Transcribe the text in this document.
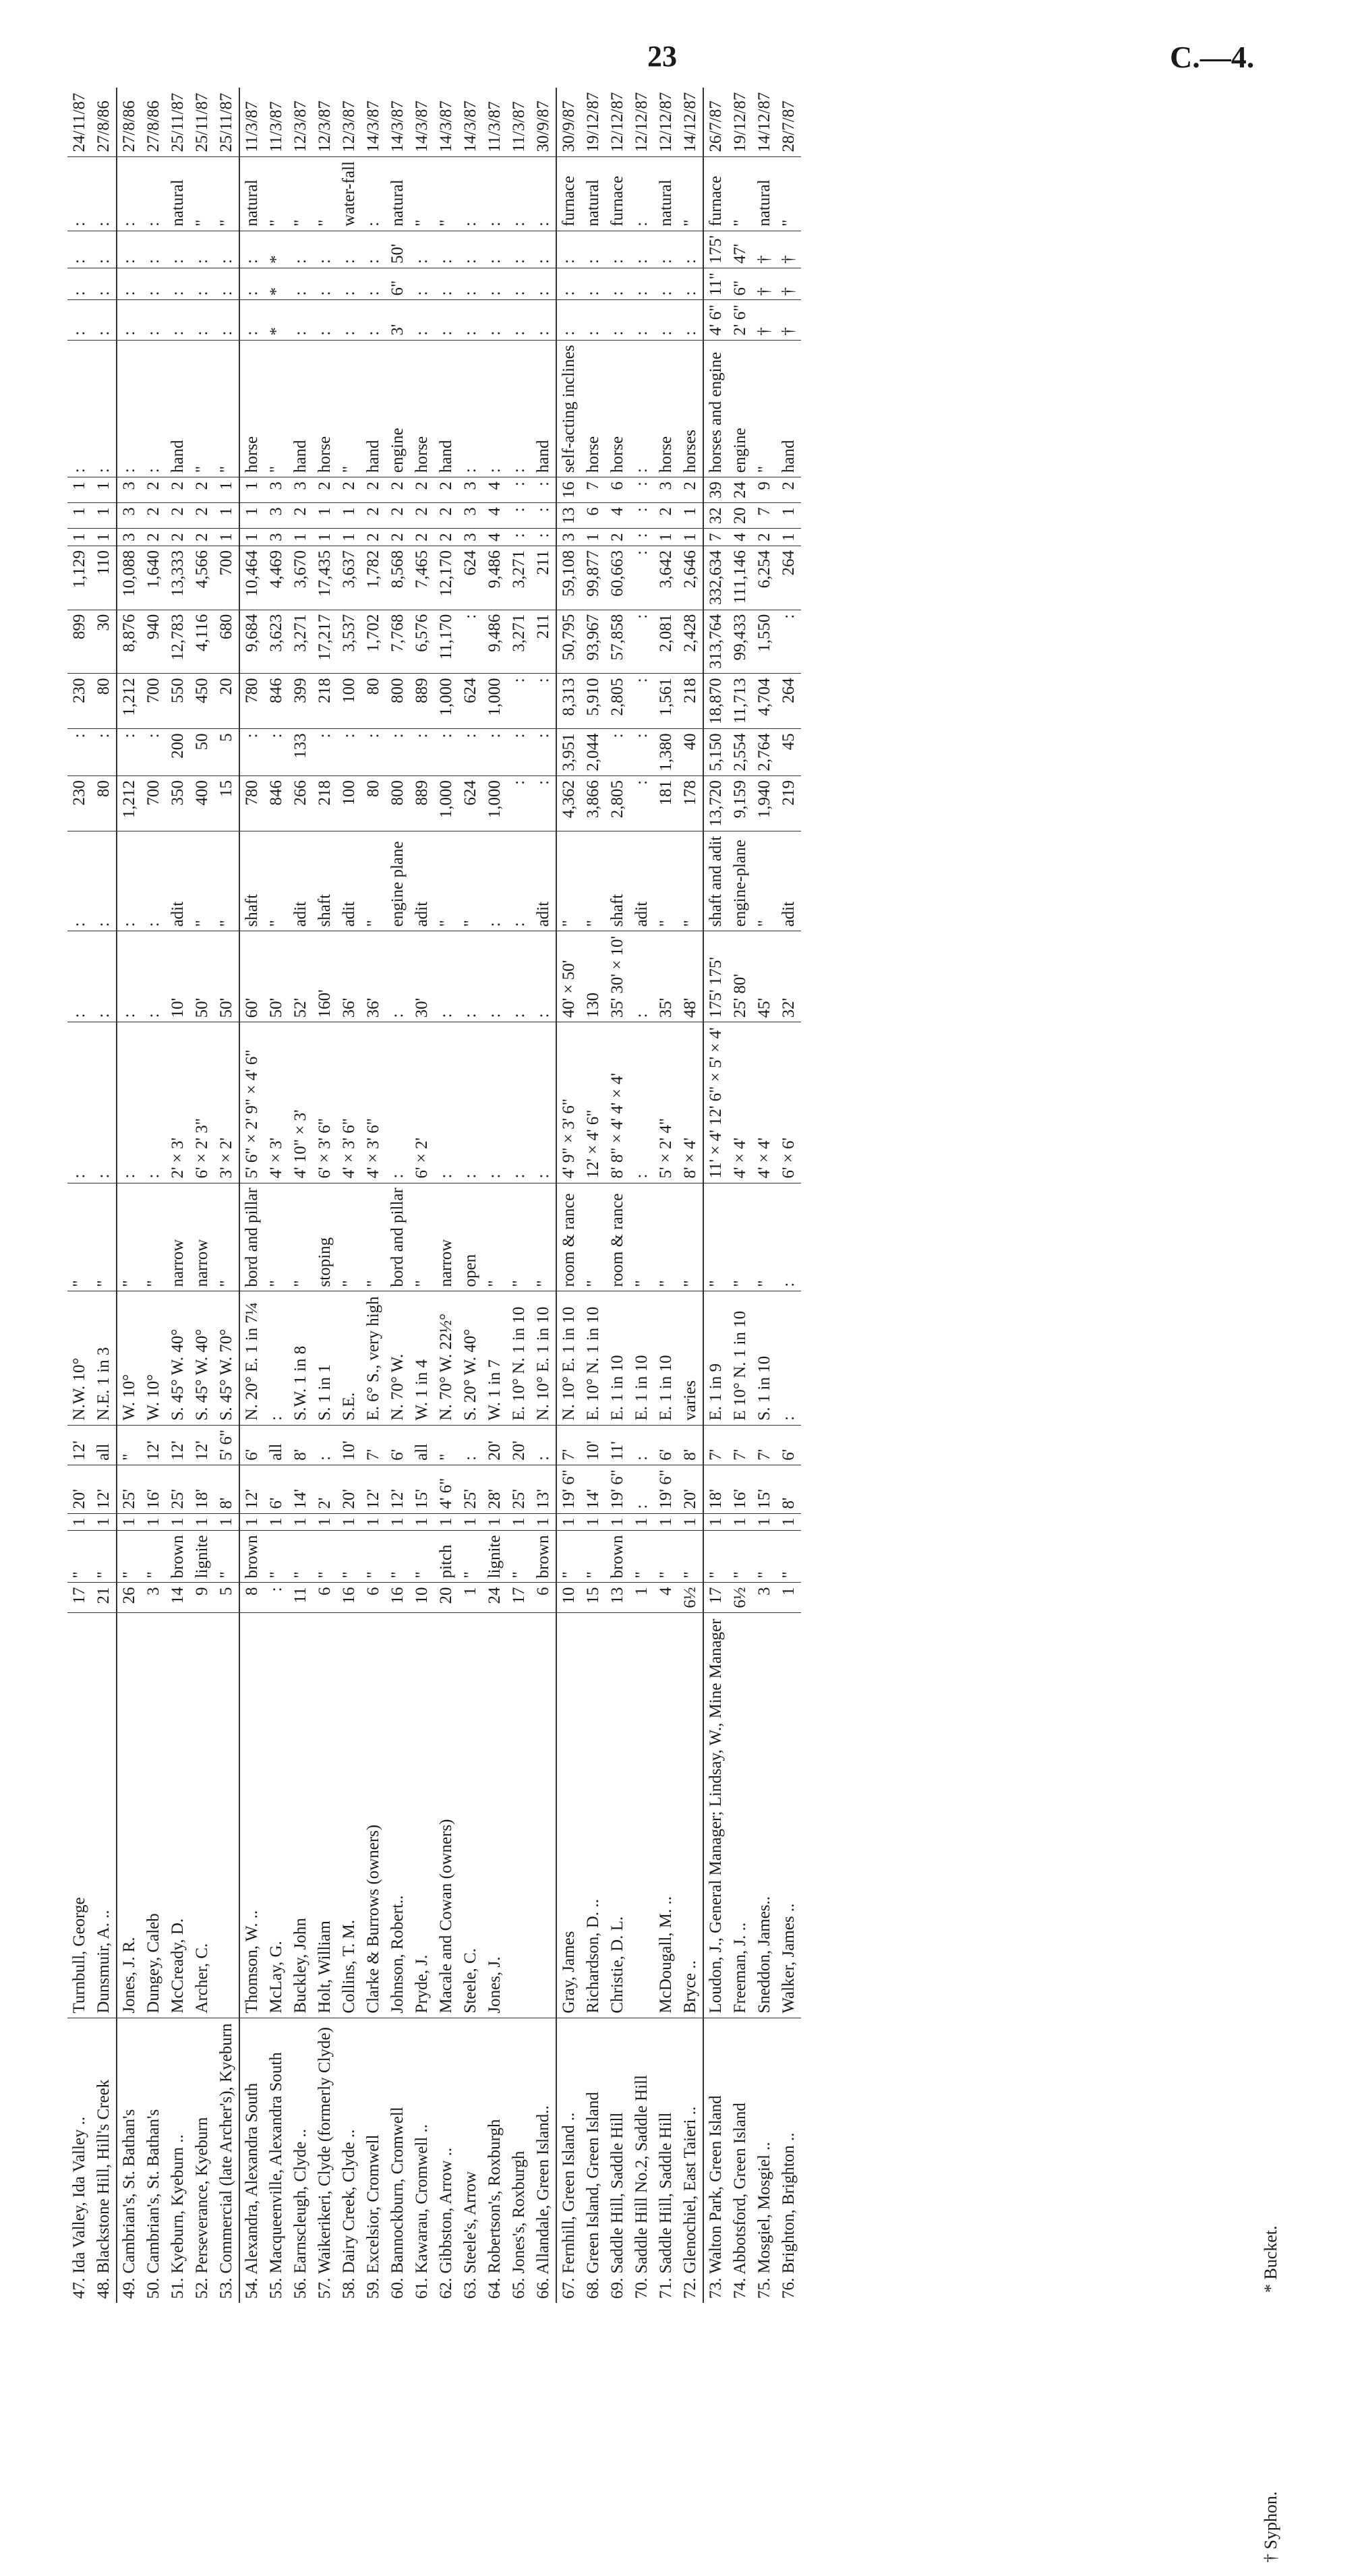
23	C.—4.
47. Ida Valley, Ida Valley ..	Turnbull, George	17	"	1	20'	12'	N.W. 10°	"	:	:	:	230	:	230	899	1,129	1	1	1	:	:	:	:	:	24/11/87
48. Blackstone Hill, Hill's Creek	Dunsmuir, A. ..	21	"	1	12'	all	N.E. 1 in 3	"	:	:	:	80	:	80	30	110	1	1	1	:	:	:	:	:	27/8/86
49. Cambrian's, St. Bathan's	Jones, J. R.	26	"	1	25'	"	W. 10°	"	:	:	:	1,212	:	1,212	8,876	10,088	3	3	3	:	:	:	:	:	27/8/86
50. Cambrian's, St. Bathan's	Dungey, Caleb	3	"	1	16'	12'	W. 10°	"	:	:	:	700	:	700	940	1,640	2	2	2	:	:	:	:	:	27/8/86
51. Kyeburn, Kyeburn ..	McCready, D.	14	brown	1	25'	12'	S. 45° W. 40°	narrow	2' × 3'	10'	adit	350	200	550	12,783	13,333	2	2	2	hand	:	:	:	natural	25/11/87
52. Perseverance, Kyeburn	Archer, C.	9	lignite	1	18'	12'	S. 45° W. 40°	narrow	6' × 2' 3"	50'	"	400	50	450	4,116	4,566	2	2	2	"	:	:	:	"	25/11/87
53. Commercial (late Archer's), Kyeburn		5	"	1	8'	5' 6"	S. 45° W. 70°	"	3' × 2'	50'	"	15	5	20	680	700	1	1	1	"	:	:	:	"	25/11/87
54. Alexandra, Alexandra South	Thomson, W. ..	8	brown	1	12'	6'	N. 20° E. 1 in 7¼	bord and pillar	5' 6" × 2' 9" × 4' 6"	60'	shaft	780	:	780	9,684	10,464	1	1	1	horse	:	:	:	natural	11/3/87
55. Macqueenville, Alexandra South	McLay, G.	:	"	1	6'	all	:	"	4' × 3'	50'	"	846	:	846	3,623	4,469	3	3	3	"	*	*	*	"	11/3/87
56. Earnscleugh, Clyde ..	Buckley, John	11	"	1	14'	8'	S.W. 1 in 8	"	4' 10" × 3'	52'	adit	266	133	399	3,271	3,670	1	2	3	hand	:	:	:	"	12/3/87
57. Waikerikeri, Clyde (formerly Clyde)	Holt, William	6	"	1	2'	:	S. 1 in 1	stoping	6' × 3' 6"	160'	shaft	218	:	218	17,217	17,435	1	1	2	horse	:	:	:	"	12/3/87
58. Dairy Creek, Clyde ..	Collins, T. M.	16	"	1	20'	10'	S.E.	"	4' × 3' 6"	36'	adit	100	:	100	3,537	3,637	1	1	2	"	:	:	:	water-fall	12/3/87
59. Excelsior, Cromwell	Clarke & Burrows (owners)	6	"	1	12'	7'	E. 6° S., very high	"	4' × 3' 6"	36'	"	80	:	80	1,702	1,782	2	2	2	hand	:	:	:	:	14/3/87
60. Bannockburn, Cromwell	Johnson, Robert..	16	"	1	12'	6'	N. 70° W.	bord and pillar	:	:	engine plane	800	:	800	7,768	8,568	2	2	2	engine	3'	6"	50'	natural	14/3/87
61. Kawarau, Cromwell ..	Pryde, J.	10	"	1	15'	all	W. 1 in 4	"	6' × 2'	30'	adit	889	:	889	6,576	7,465	2	2	2	horse	:	:	:	"	14/3/87
62. Gibbston, Arrow ..	Macale and Cowan (owners)	20	pitch	1	4' 6"	"	N. 70° W. 22½°	narrow	:	:	"	1,000	:	1,000	11,170	12,170	2	2	2	hand	:	:	:	"	14/3/87
63. Steele's, Arrow	Steele, C.	1	"	1	25'	:	S. 20° W. 40°	open	:	:	"	624	:	624	:	624	3	3	3	:	:	:	:	:	14/3/87
64. Robertson's, Roxburgh	Jones, J.	24	lignite	1	28'	20'	W. 1 in 7	"	:	:	:	1,000	:	1,000	9,486	9,486	4	4	4	:	:	:	:	:	11/3/87
65. Jones's, Roxburgh		17	"	1	25'	20'	E. 10° N. 1 in 10	"	:	:	:	:	:	:	3,271	3,271	:	:	:	:	:	:	:	:	11/3/87
66. Allandale, Green Island..		6	brown	1	13'	:	N. 10° E. 1 in 10	"	:	:	adit	:	:	:	211	211	:	:	:	hand	:	:	:	:	30/9/87
67. Fernhill, Green Island ..	Gray, James	10	"	1	19' 6"	7'	N. 10° E. 1 in 10	room & rance	4' 9" × 3' 6"	40' × 50'	"	4,362	3,951	8,313	50,795	59,108	3	13	16	self-acting inclines	:	:	:	furnace	30/9/87
68. Green Island, Green Island	Richardson, D. ..	15	"	1	14'	10'	E. 10° N. 1 in 10	"	12' × 4' 6"	130	"	3,866	2,044	5,910	93,967	99,877	1	6	7	horse	:	:	:	natural	19/12/87
69. Saddle Hill, Saddle Hill	Christie, D. L.	13	brown	1	19' 6"	11'	E. 1 in 10	room & rance	8' 8" × 4' 4' × 4'	35' 30' × 10'	shaft	2,805	:	2,805	57,858	60,663	2	4	6	horse	:	:	:	furnace	12/12/87
70. Saddle Hill No.2, Saddle Hill		1	"	1	:	:	E. 1 in 10	"	:	:	adit	:	:	:	:	:	:	:	:	:	:	:	:	:	12/12/87
71. Saddle Hill, Saddle Hill	McDougall, M. ..	4	"	1	19' 6"	6'	E. 1 in 10	"	5' × 2' 4"	35'	"	181	1,380	1,561	2,081	3,642	1	2	3	horse	:	:	:	natural	12/12/87
72. Glenochiel, East Taieri ..	Bryce ..	6½	"	1	20'	8'	varies	"	8' × 4'	48'	"	178	40	218	2,428	2,646	1	1	2	horses	:	:	:	"	14/12/87
73. Walton Park, Green Island	Loudon, J., General Manager; Lindsay, W., Mine Manager	17	"	1	18'	7'	E. 1 in 9	"	11' × 4' 12' 6" × 5' × 4'	175' 175'	shaft and adit	13,720	5,150	18,870	313,764	332,634	7	32	39	horses and engine	4' 6"	11"	175'	furnace	26/7/87
74. Abbotsford, Green Island	Freeman, J. ..	6½	"	1	16'	7'	E 10° N. 1 in 10	"	4' × 4'	25' 80'	engine-plane	9,159	2,554	11,713	99,433	111,146	4	20	24	engine	2' 6"	6"	47'	"	19/12/87
75. Mosgiel, Mosgiel ..	Sneddon, James..	3	"	1	15'	7'	S. 1 in 10	"	4' × 4'	45'	"	1,940	2,764	4,704	1,550	6,254	2	7	9	"	†	†	†	natural	14/12/87
76. Brighton, Brighton ..	Walker, James ..	1	"	1	8'	6'	:	:	6' × 6'	32'	adit	219	45	264	:	264	1	1	2	hand	†	†	†	"	28/7/87
* Bucket.
† Syphon.
